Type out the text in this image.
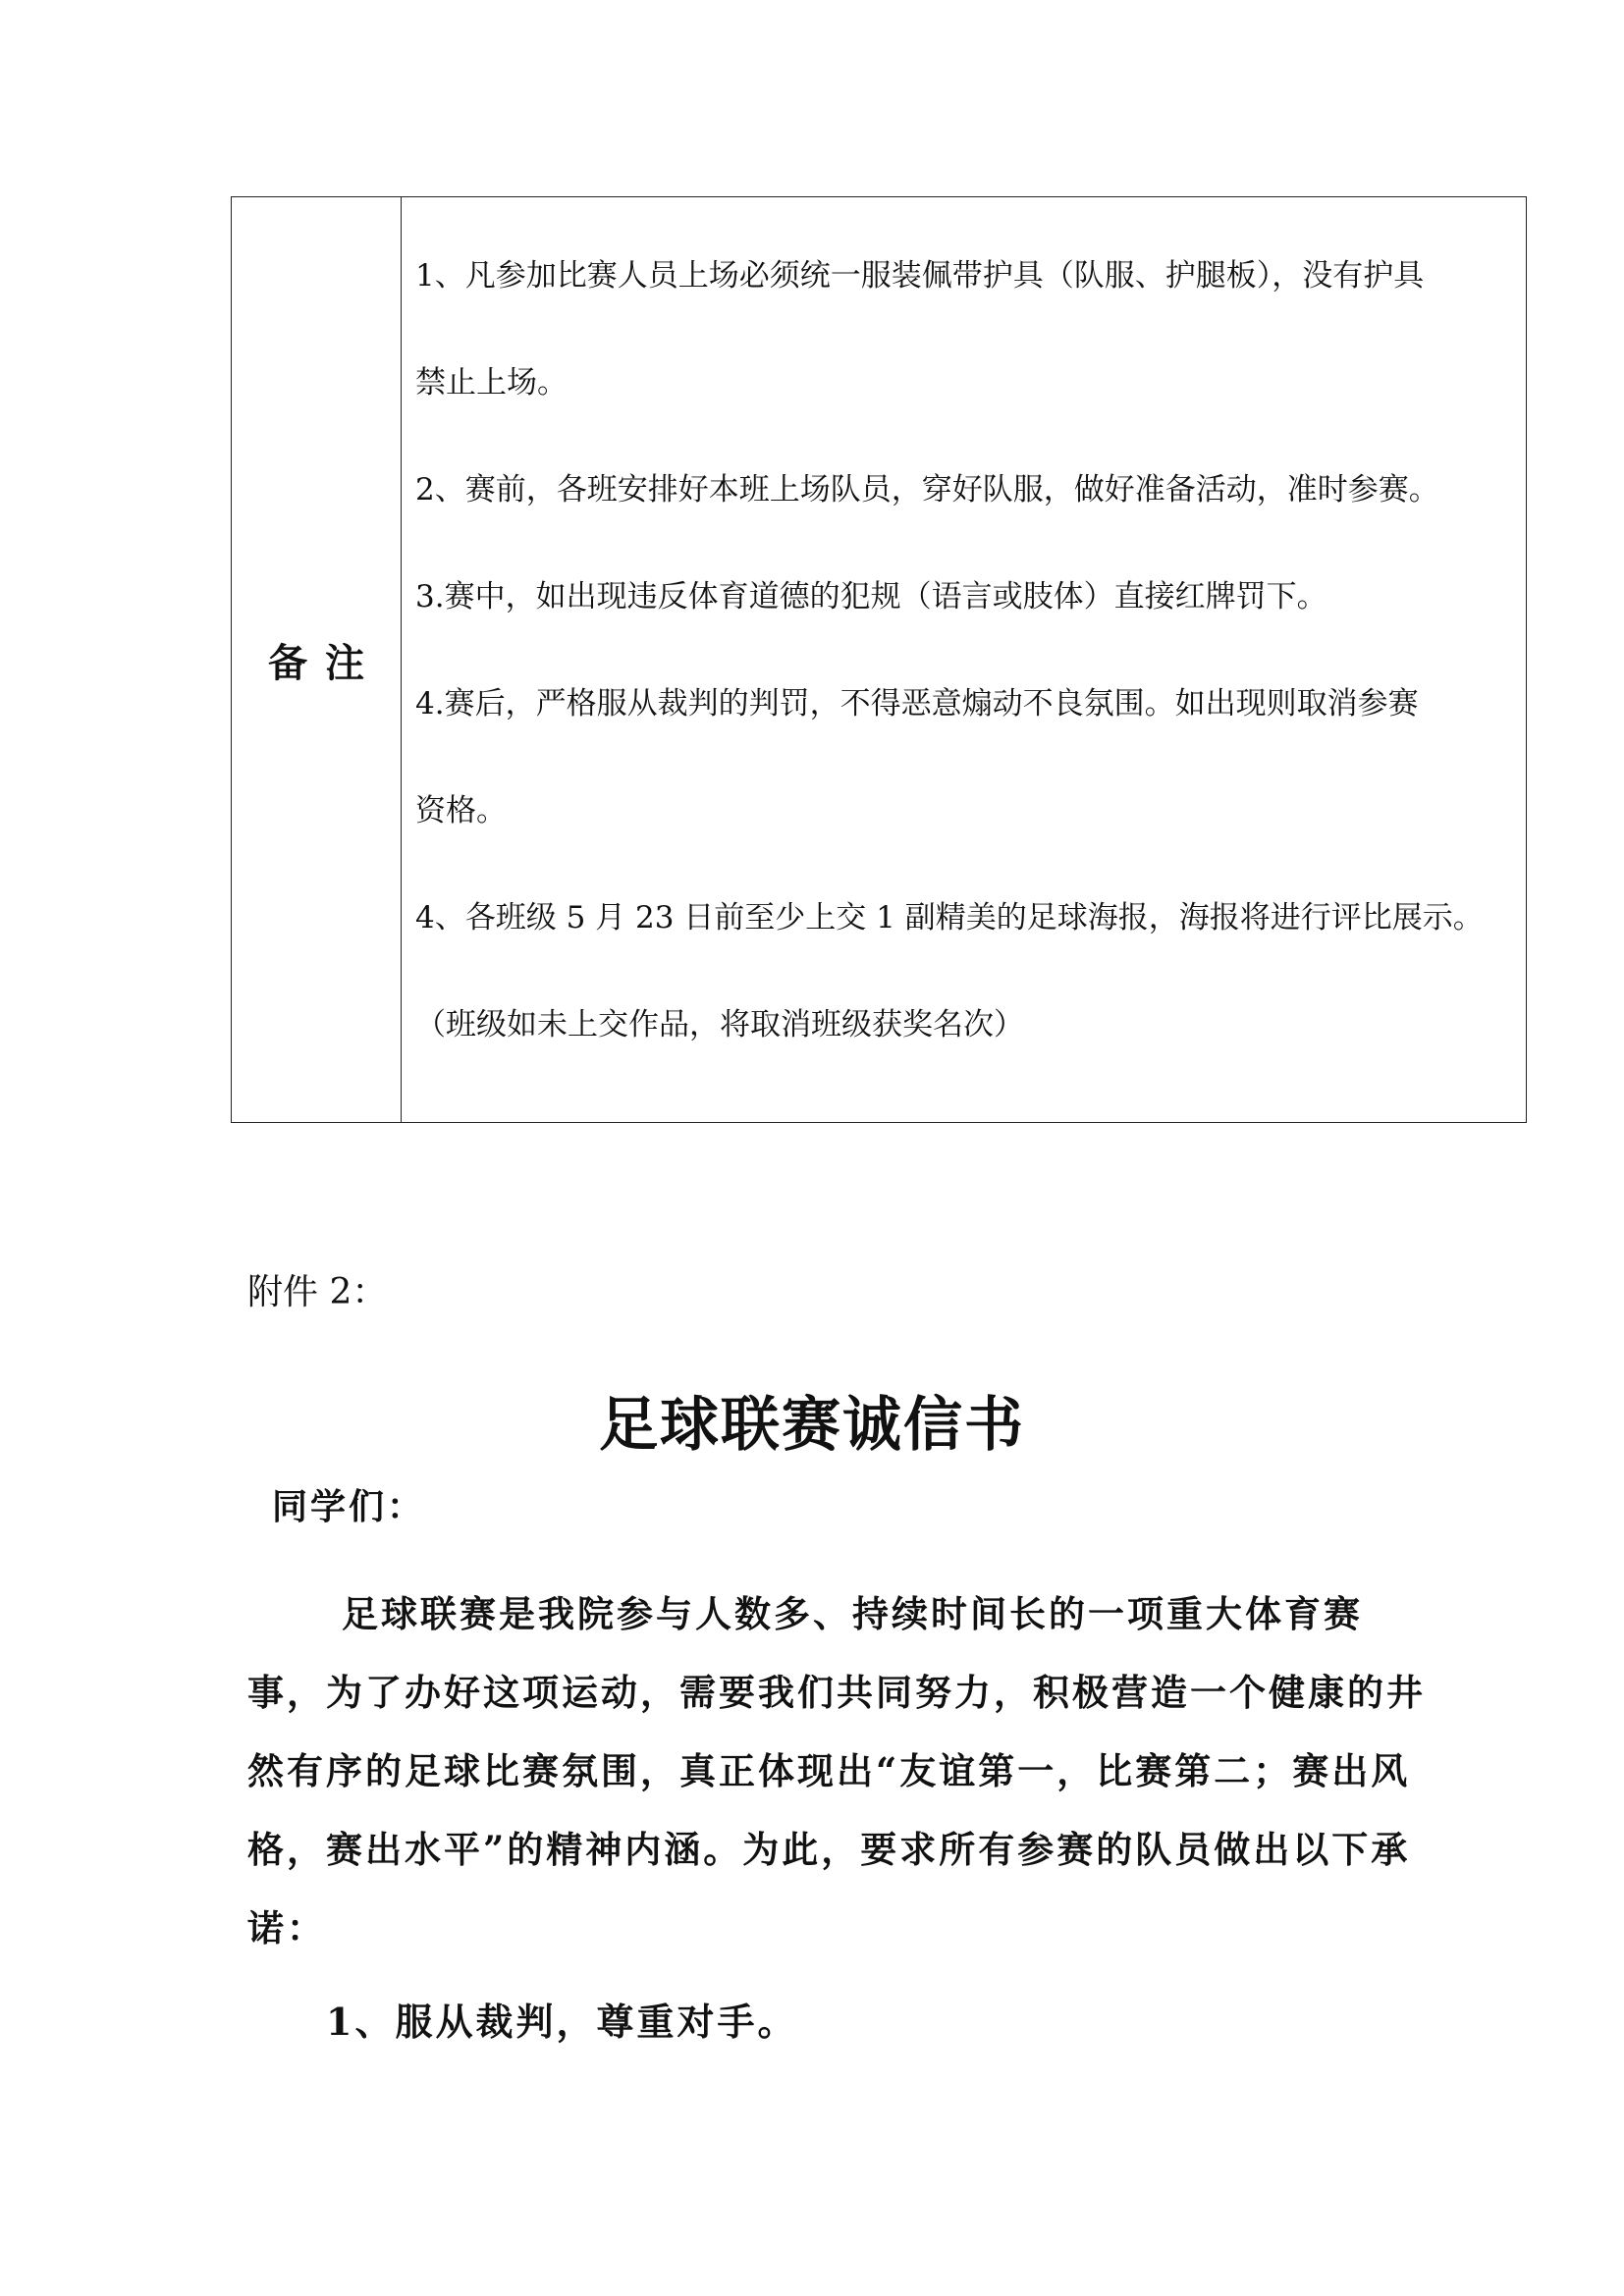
备注	
1、凡参加比赛人员上场必须统一服装佩带护具（队服、护腿板），没有护具
禁止上场。
2、赛前，各班安排好本班上场队员，穿好队服，做好准备活动，准时参赛。
3.赛中，如出现违反体育道德的犯规（语言或肢体）直接红牌罚下。
4.赛后，严格服从裁判的判罚，不得恶意煽动不良氛围。如出现则取消参赛
资格。
4、各班级 5 月 23 日前至少上交 1 副精美的足球海报，海报将进行评比展示。
（班级如未上交作品，将取消班级获奖名次）
附件 2：
足球联赛诚信书
同学们：
足球联赛是我院参与人数多、持续时间长的一项重大体育赛
事，为了办好这项运动，需要我们共同努力，积极营造一个健康的井
然有序的足球比赛氛围，真正体现出“友谊第一，比赛第二；赛出风
格，赛出水平”的精神内涵。为此，要求所有参赛的队员做出以下承
诺：
1、服从裁判，尊重对手。
